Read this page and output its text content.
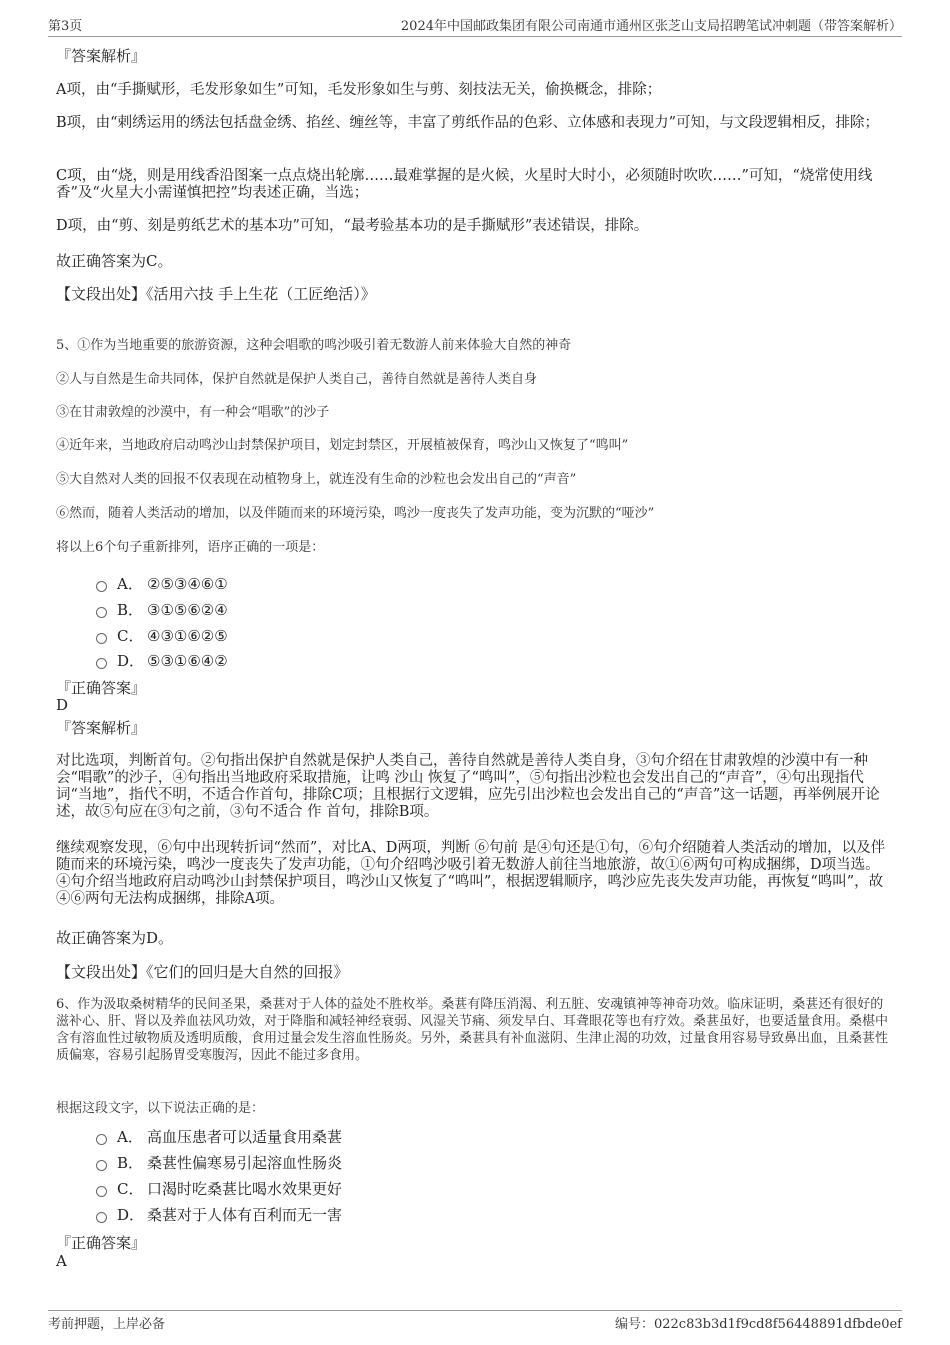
第3页	2024年中国邮政集团有限公司南通市通州区张芝山支局招聘笔试冲刺题（带答案解析）
『答案解析』
A项，由“手撕赋形，毛发形象如生”可知，毛发形象如生与剪、刻技法无关，偷换概念，排除；
B项，由“剌绣运用的绣法包括盘金绣、掐丝、缠丝等，丰富了剪纸作品的色彩、立体感和表现力”可知，与文段逻辑相反，排除；
C项，由“烧，则是用线香沿图案一点点烧出轮廓……最难掌握的是火候，火星时大时小，必须随时吹吹……”可知，“烧常使用线香”及“火星大小需谨慎把控”均表述正确，当选；
D项，由“剪、刻是剪纸艺术的基本功”可知，“最考验基本功的是手撕赋形”表述错误，排除。
故正确答案为C。
【文段出处】《活用六技 手上生花（工匠绝活）》
5、①作为当地重要的旅游资源，这种会唱歌的鸣沙吸引着无数游人前来体验大自然的神奇
②人与自然是生命共同体，保护自然就是保护人类自己，善待自然就是善待人类自身
③在甘肃敦煌的沙漠中，有一种会“唱歌”的沙子
④近年来，当地政府启动鸣沙山封禁保护项目，划定封禁区，开展植被保育，鸣沙山又恢复了“鸣叫”
⑤大自然对人类的回报不仅表现在动植物身上，就连没有生命的沙粒也会发出自己的“声音”
⑥然而，随着人类活动的增加，以及伴随而来的环境污染，鸣沙一度丧失了发声功能，变为沉默的“哑沙”
将以上6个句子重新排列，语序正确的一项是：
A． ②⑤③④⑥①
B． ③①⑤⑥②④
C． ④③①⑥②⑤
D． ⑤③①⑥④②
『正确答案』
D
『答案解析』
对比选项，判断首句。②句指出保护自然就是保护人类自己，善待自然就是善待人类自身，③句介绍在甘肃敦煌的沙漠中有一种会“唱歌”的沙子，④句指出当地政府采取措施，让鸣 沙山 恢复了“鸣叫”，⑤句指出沙粒也会发出自己的“声音”，④句出现指代词“当地”，指代不明，不适合作首句，排除C项；且根据行文逻辑，应先引出沙粒也会发出自己的“声音”这一话题，再举例展开论述，故⑤句应在③句之前，③句不适合 作 首句，排除B项。
继续观察发现，⑥句中出现转折词“然而”，对比A、D两项，判断 ⑥句前 是④句还是①句，⑥句介绍随着人类活动的增加，以及伴随而来的环境污染，鸣沙一度丧失了发声功能，①句介绍鸣沙吸引着无数游人前往当地旅游，故①⑥两句可构成捆绑，D项当选。④句介绍当地政府启动鸣沙山封禁保护项目，鸣沙山又恢复了“鸣叫”，根据逻辑顺序，鸣沙应先丧失发声功能，再恢复“鸣叫”，故④⑥两句无法构成捆绑，排除A项。
故正确答案为D。
【文段出处】《它们的回归是大自然的回报》
6、作为汲取桑树精华的民间圣果，桑葚对于人体的益处不胜枚举。桑葚有降压消渴、利五脏、安魂镇神等神奇功效。临床证明，桑葚还有很好的滋补心、肝、肾以及养血祛风功效，对于降脂和减轻神经衰弱、风湿关节痛、须发早白、耳聋眼花等也有疗效。桑葚虽好，也要适量食用。桑椹中含有溶血性过敏物质及透明质酸，食用过量会发生溶血性肠炎。另外，桑葚具有补血滋阴、生津止渴的功效，过量食用容易导致鼻出血，且桑葚性质偏寒，容易引起肠胃受寒腹泻，因此不能过多食用。
根据这段文字，以下说法正确的是：
A． 高血压患者可以适量食用桑葚
B． 桑葚性偏寒易引起溶血性肠炎
C． 口渴时吃桑葚比喝水效果更好
D． 桑葚对于人体有百利而无一害
『正确答案』
A
考前押题，上岸必备	编号：022c83b3d1f9cd8f56448891dfbde0ef
